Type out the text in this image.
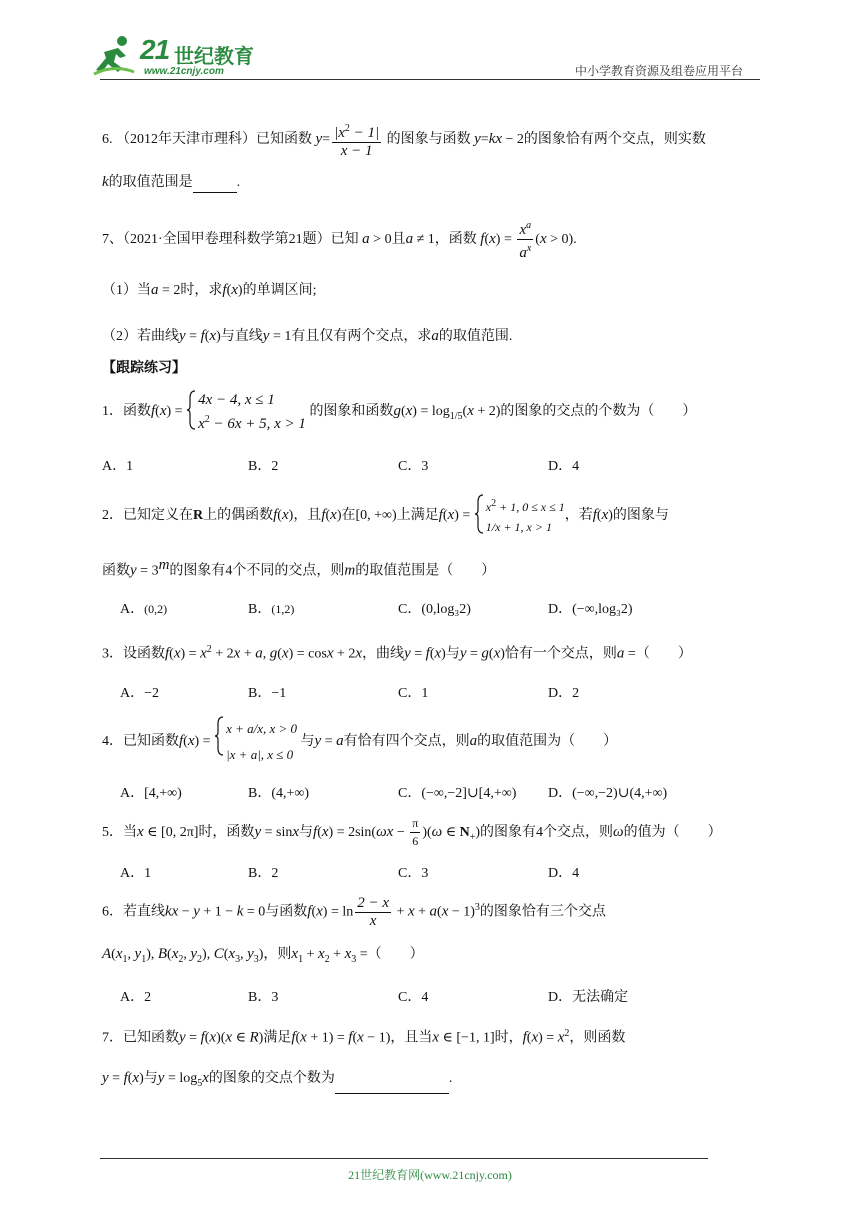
21 世纪教育
www.21cnjy.com	中小学教育资源及组卷应用平台
6. （2012年天津市理科）已知函数 $y= \frac{|x^2 - 1|}{x - 1}$ 的图象与函数 y=kx − 2的图象恰有两个交点，则实数
k的取值范围是	.
7、（2021·全国甲卷理科数学第21题）已知 a > 0且a ≠ 1，函数 $f(x) = \frac{x^a}{a^x} (x > 0)$.
（1）当a = 2时，求f(x)的单调区间;
（2）若曲线y = f(x)与直线y = 1有且仅有两个交点，求a的取值范围.
【跟踪练习】
1．函数f(x) =
4x − 4, x ≤ 1
$x^2 - 6x + 5$, x > 1
的图象和函数$g(x) = \log_{1/5}(x + 2)$的图象的交点的个数为（　　）
A．1	B．2	C．3	D．4
2．已知定义在R上的偶函数f(x)，且f(x)在[0, +∞)上满足f(x) =
$x^2 + 1$, 0 ≤ x ≤ 1
1/x + 1, x > 1
，若f(x)的图象与
函数$y = 3^m$的图象有4个不同的交点，则m的取值范围是（　　）
A．(0,2)	B．(1,2)	C．(0,log₃2)	D．(−∞,log₃2)
3．设函数$f(x) = x^2 + 2x + a$, g(x) = cosx + 2x，曲线y = f(x)与y = g(x)恰有一个交点，则a =（　　）
A．−2	B．−1	C．1	D．2
4．已知函数f(x) =
x + a/x, x > 0
|x + a|, x ≤ 0
与y = a有恰有四个交点，则a的取值范围为（　　）
A．[4,+∞)	B．(4,+∞)	C．(−∞,−2]∪[4,+∞) D．(−∞,−2)∪(4,+∞)
5．当x ∈ [0, 2π]时，函数y = sinx与$f(x) = 2\sin(\omega x - \frac{\pi}{6} )(\omega$ ∈ $N_+$)的图象有4个交点，则ω的值为（　　）
A．1	B．2	C．3	D．4
6．若直线kx − y + 1 − k = 0与函数$f(x) = \ln \frac{2 - x}{x} + x + a(x - 1)^3$的图象恰有三个交点
$A(x_1$, $y_1$), $B(x_2$, $y_2$), $C(x_3$, $y_3$)，则$x_1 + x_2 + x_3$ =（　　）
A．2	B．3	C．4	D．无法确定
7．已知函数y = f(x)(x ∈ R)满足f(x + 1) = f(x − 1)，且当x ∈ [−1, 1]时，$f(x) = x^2$，则函数
y = f(x)与$y = \log_5x$的图象的交点个数为	.
21世纪教育网(www.21cnjy.com)
